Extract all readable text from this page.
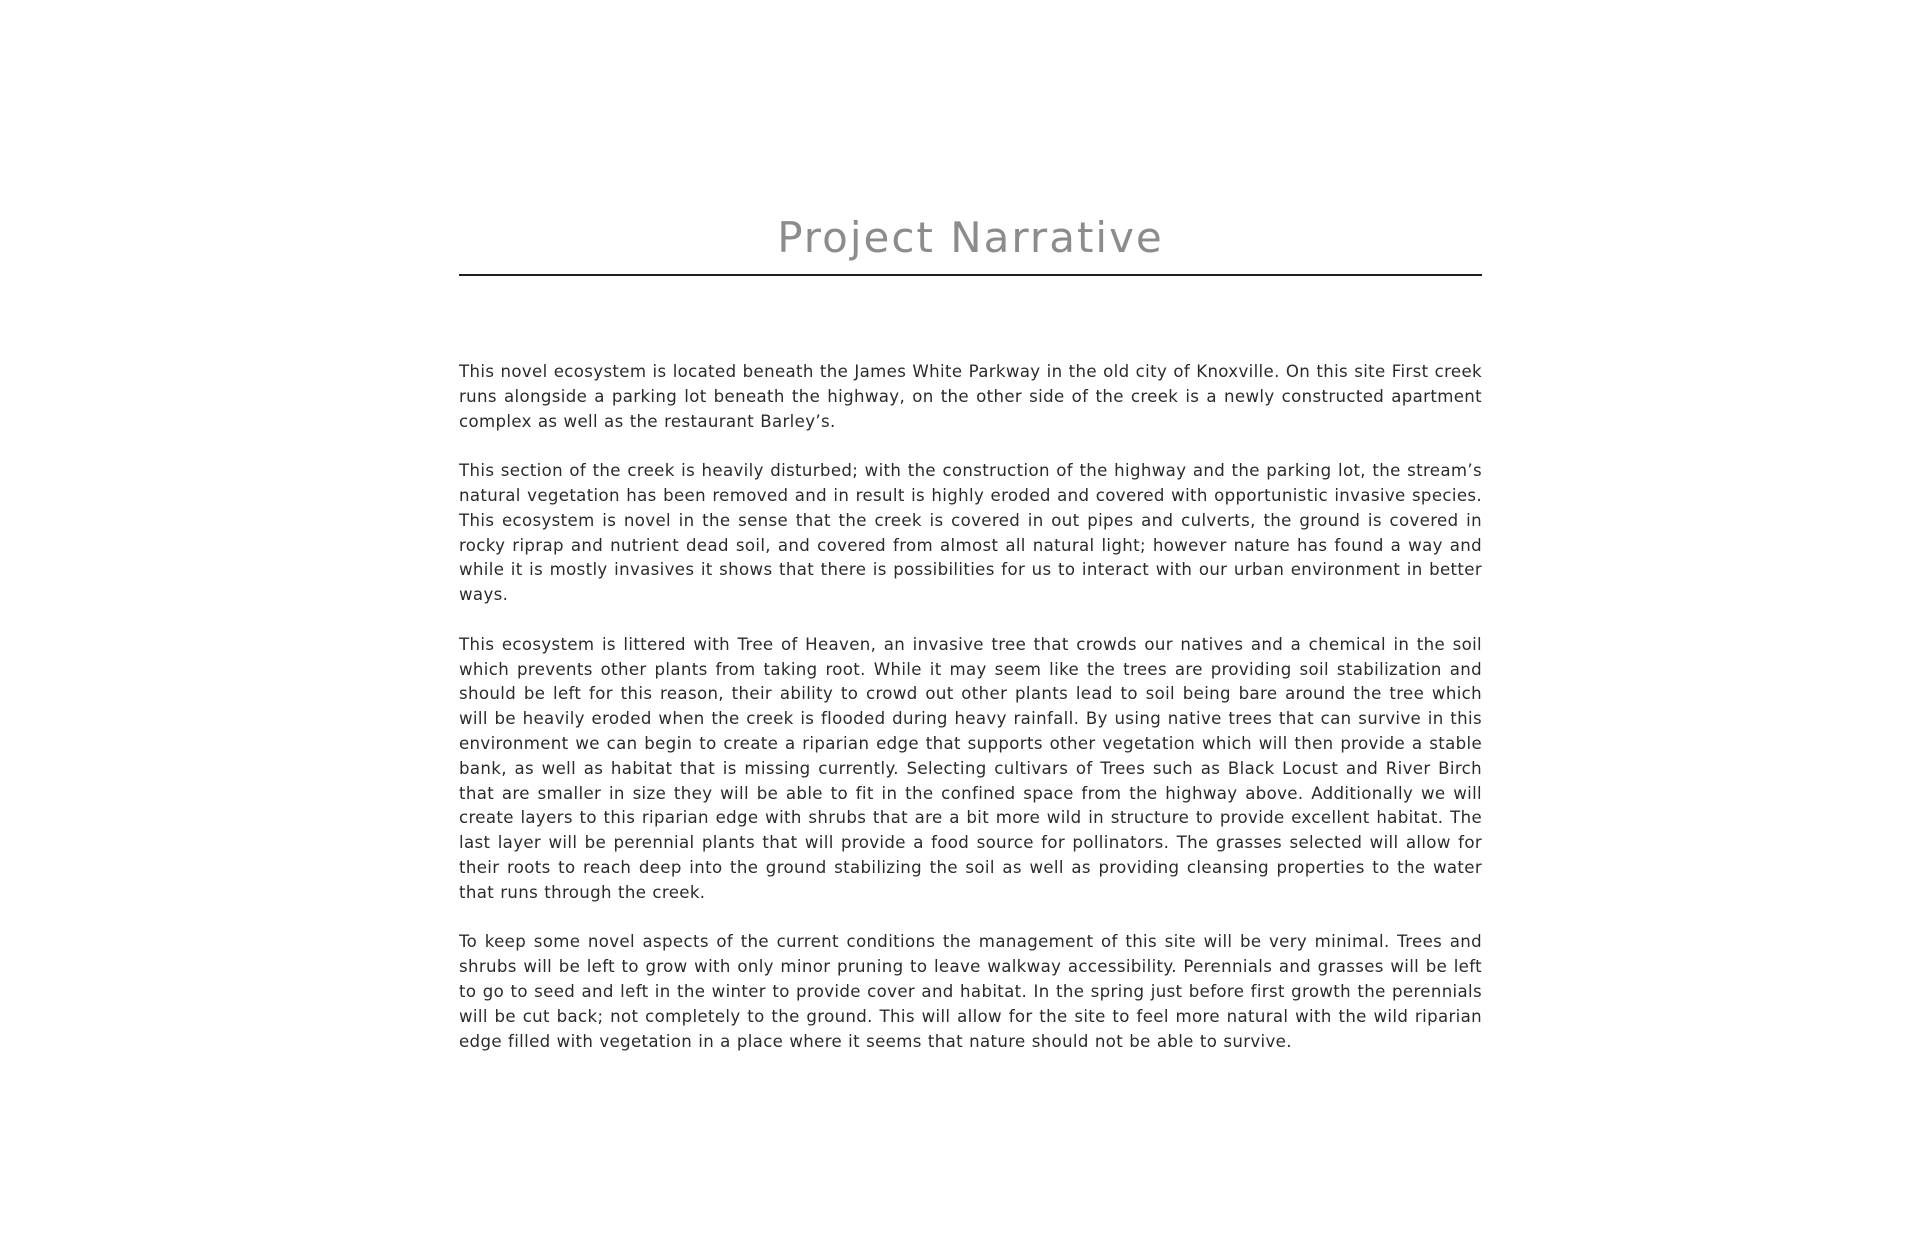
Project Narrative

This novel ecosystem is located beneath the James White Parkway in the old city of Knoxville. On this site First creek runs alongside a parking lot beneath the highway, on the other side of the creek is a newly constructed apartment complex as well as the restaurant Barley’s.

This section of the creek is heavily disturbed; with the construction of the highway and the parking lot, the stream’s natural vegetation has been removed and in result is highly eroded and covered with opportunistic invasive species. This ecosystem is novel in the sense that the creek is covered in out pipes and culverts, the ground is covered in rocky riprap and nutrient dead soil, and covered from almost all natural light; however nature has found a way and while it is mostly invasives it shows that there is possibilities for us to interact with our urban environment in better ways.

This ecosystem is littered with Tree of Heaven, an invasive tree that crowds our natives and a chemical in the soil which prevents other plants from taking root. While it may seem like the trees are providing soil stabilization and should be left for this reason, their ability to crowd out other plants lead to soil being bare around the tree which will be heavily eroded when the creek is flooded during heavy rainfall. By using native trees that can survive in this environment we can begin to create a riparian edge that supports other vegetation which will then provide a stable bank, as well as habitat that is missing currently. Selecting cultivars of Trees such as Black Locust and River Birch that are smaller in size they will be able to fit in the confined space from the highway above. Additionally we will create layers to this riparian edge with shrubs that are a bit more wild in structure to provide excellent habitat. The last layer will be perennial plants that will provide a food source for pollinators. The grasses selected will allow for their roots to reach deep into the ground stabilizing the soil as well as providing cleansing properties to the water that runs through the creek.

To keep some novel aspects of the current conditions the management of this site will be very minimal. Trees and shrubs will be left to grow with only minor pruning to leave walkway accessibility. Perennials and grasses will be left to go to seed and left in the winter to provide cover and habitat. In the spring just before first growth the perennials will be cut back; not completely to the ground. This will allow for the site to feel more natural with the wild riparian edge filled with vegetation in a place where it seems that nature should not be able to survive.
